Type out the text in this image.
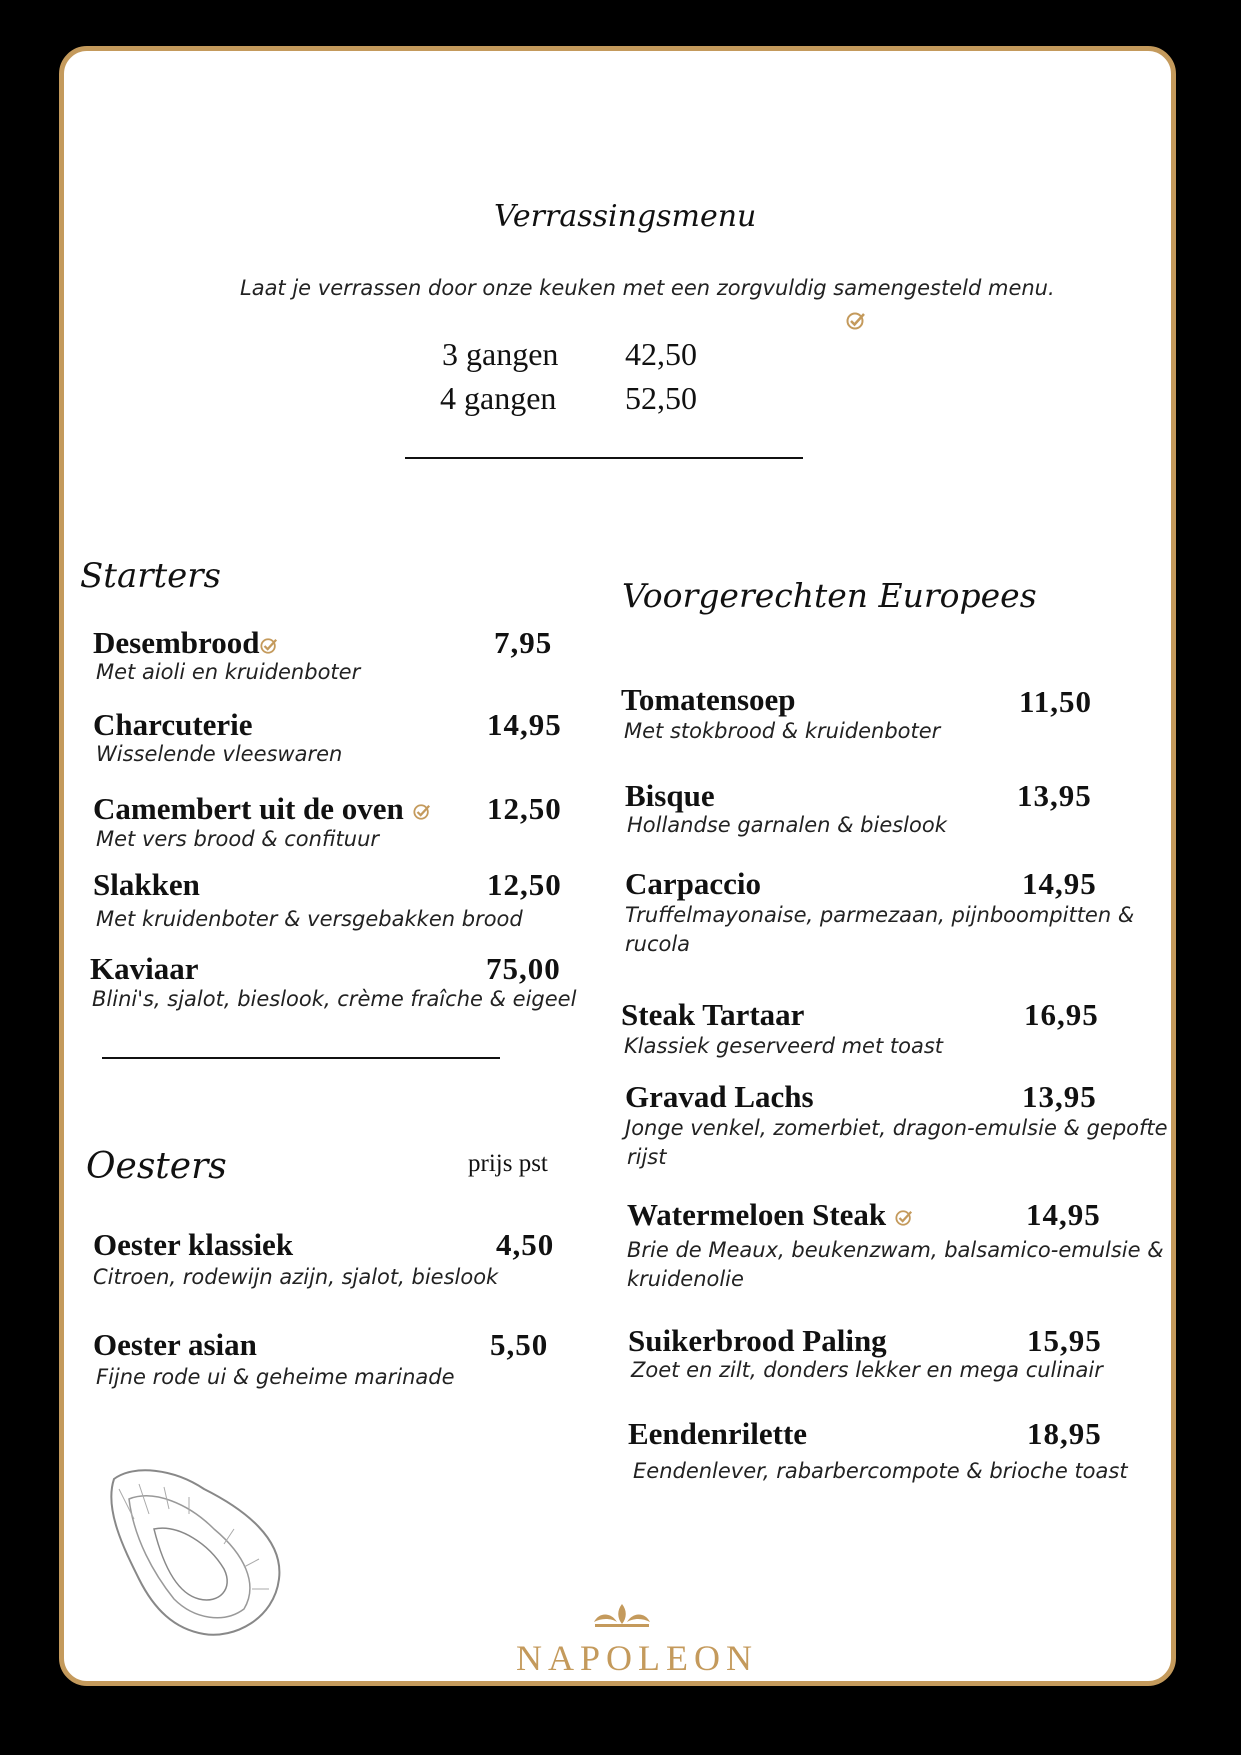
Verrassingsmenu
Laat je verrassen door onze keuken met een zorgvuldig samengesteld menu.
3 gangen 42,50
4 gangen 52,50
Starters
Desembrood	7,95
Met aioli en kruidenboter
Charcuterie	14,95
Wisselende vleeswaren
Camembert uit de oven	12,50
Met vers brood & confituur
Slakken	12,50
Met kruidenboter & versgebakken brood
Kaviaar	75,00
Blini's, sjalot, bieslook, crème fraîche & eigeel
Oesters	prijs pst
Oester klassiek	4,50
Citroen, rodewijn azijn, sjalot, bieslook
Oester asian	5,50
Fijne rode ui & geheime marinade
Voorgerechten Europees
Tomatensoep	11,50
Met stokbrood & kruidenboter
Bisque	13,95
Hollandse garnalen & bieslook
Carpaccio	14,95
Truffelmayonaise, parmezaan, pijnboompitten &
rucola
Steak Tartaar	16,95
Klassiek geserveerd met toast
Gravad Lachs	13,95
Jonge venkel, zomerbiet, dragon-emulsie & gepofte
rijst
Watermeloen Steak	14,95
Brie de Meaux, beukenzwam, balsamico-emulsie &
kruidenolie
Suikerbrood Paling	15,95
Zoet en zilt, donders lekker en mega culinair
Eendenrilette	18,95
Eendenlever, rabarbercompote & brioche toast
NAPOLEON
